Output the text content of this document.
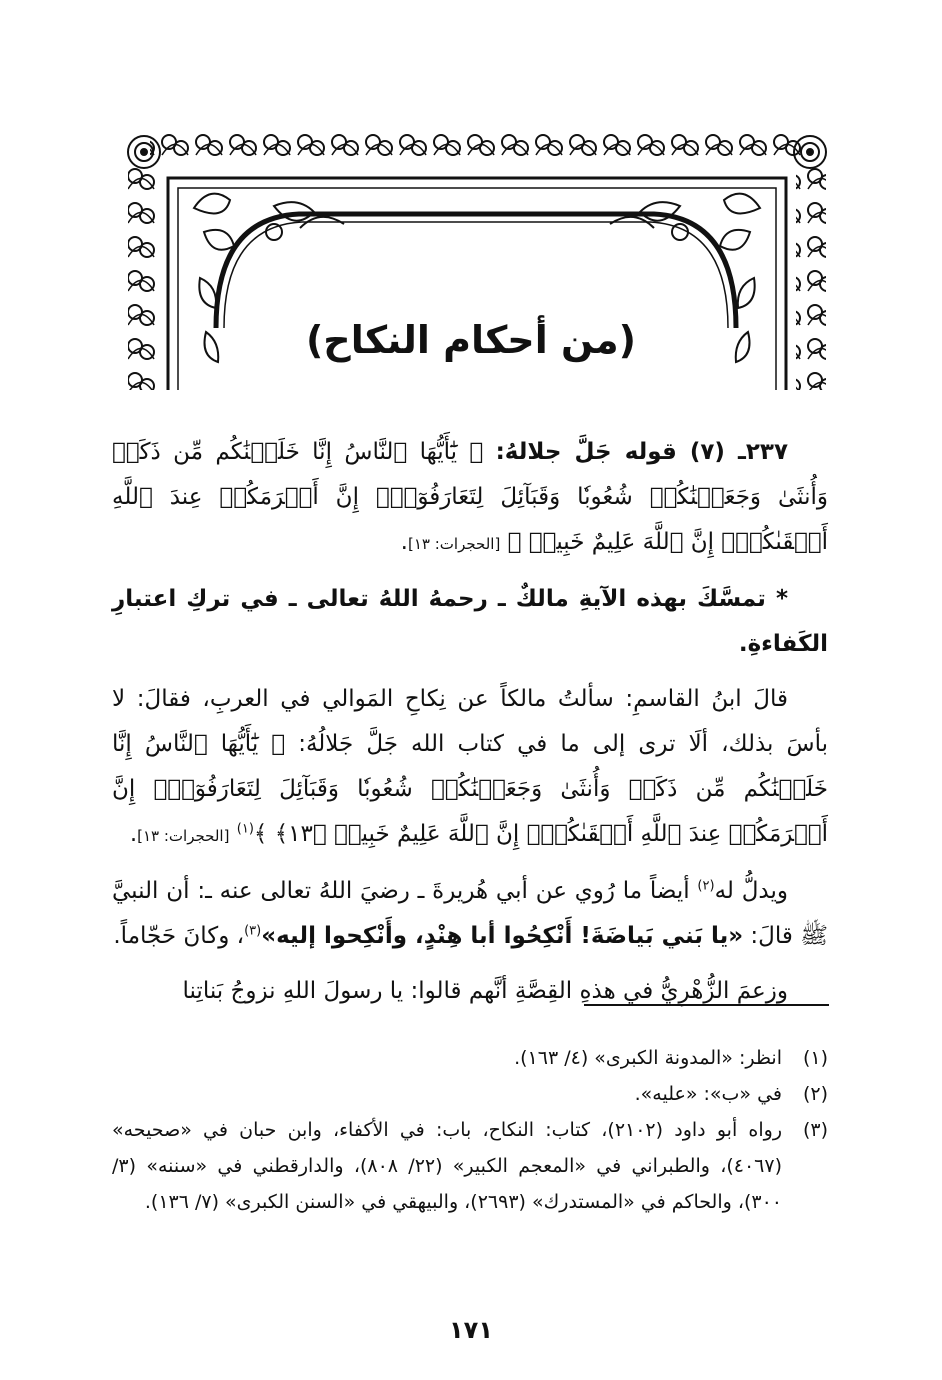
(من أحكام النكاح)

٢٣٧ـ (٧) قوله جَلَّ جلالهُ: ﴿ يَٰٓأَيُّهَا ٱلنَّاسُ إِنَّا خَلَقۡنَٰكُم مِّن ذَكَرٖ وَأُنثَىٰ وَجَعَلۡنَٰكُمۡ شُعُوبٗا وَقَبَآئِلَ لِتَعَارَفُوٓاْۚ إِنَّ أَكۡرَمَكُمۡ عِندَ ٱللَّهِ أَتۡقَىٰكُمۡۚ إِنَّ ٱللَّهَ عَلِيمٌ خَبِيرٞ ﴾ [الحجرات: ١٣].

* تمسَّكَ بهذه الآيةِ مالكٌ ـ رحمهُ اللهُ تعالى ـ في تركِ اعتبارِ الكَفاءةِ.

قالَ ابنُ القاسمِ: سألتُ مالكاً عن نِكاحِ المَوالي في العربِ، فقالَ: لا بأسَ بذلك، ألَا ترى إلى ما في كتاب الله جَلَّ جَلالُهُ: ﴿ يَٰٓأَيُّهَا ٱلنَّاسُ إِنَّا خَلَقۡنَٰكُم مِّن ذَكَرٖ وَأُنثَىٰ وَجَعَلۡنَٰكُمۡ شُعُوبٗا وَقَبَآئِلَ لِتَعَارَفُوٓاْۚ إِنَّ أَكۡرَمَكُمۡ عِندَ ٱللَّهِ أَتۡقَىٰكُمۡۚ إِنَّ ٱللَّهَ عَلِيمٌ خَبِيرٞ ﴿١٣﴾ ﴾$^{(١)}$ [الحجرات: ١٣].

ويدلُّ له$^{(٢)}$ أيضاً ما رُوي عن أبي هُريرةَ ـ رضيَ اللهُ تعالى عنه ـ: أن النبيَّ ﷺ قالَ: «يا بَني بَياضَةَ! أَنْكِحُوا أبا هِنْدٍ، وأَنْكِحوا إليه»$^{(٣)}$، وكانَ حَجّاماً.

وزعمَ الزُّهْرِيُّ في هذهِ القِصَّةِ أنَّهم قالوا: يا رسولَ اللهِ نزوجُ بَناتِنا

(١)
انظر: «المدونة الكبرى» (٤/ ١٦٣).
(٢)
في «ب»: «عليه».
(٣)
رواه أبو داود (٢١٠٢)، كتاب: النكاح، باب: في الأكفاء، وابن حبان في «صحيحه» (٤٠٦٧)، والطبراني في «المعجم الكبير» (٢٢/ ٨٠٨)، والدارقطني في «سننه» (٣/ ٣٠٠)، والحاكم في «المستدرك» (٢٦٩٣)، والبيهقي في «السنن الكبرى» (٧/ ١٣٦).
١٧١
